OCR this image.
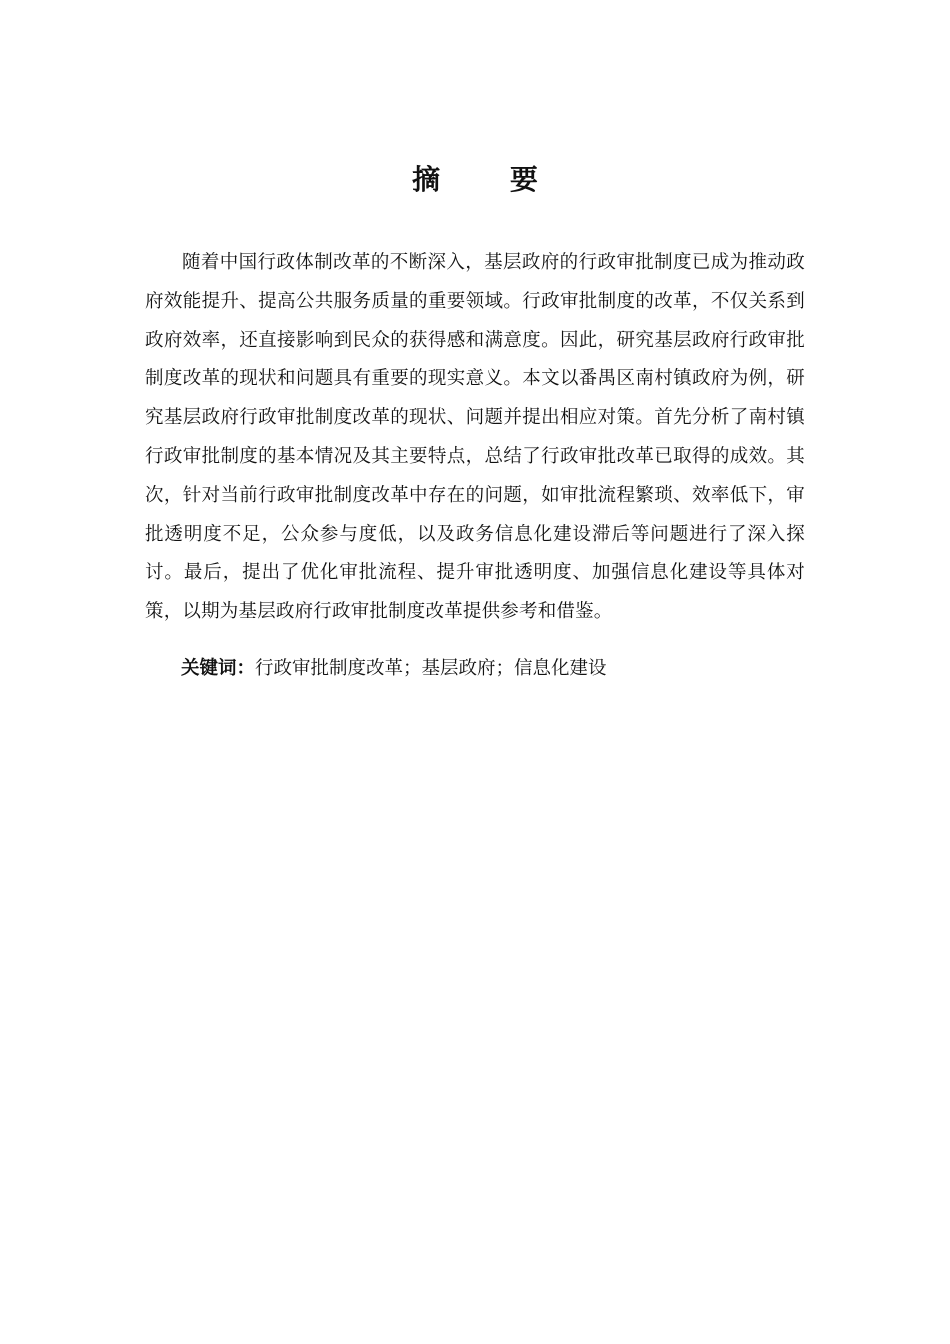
摘 要

随着中国行政体制改革的不断深入，基层政府的行政审批制度已成为推动政府效能提升、提高公共服务质量的重要领域。行政审批制度的改革，不仅关系到政府效率，还直接影响到民众的获得感和满意度。因此，研究基层政府行政审批制度改革的现状和问题具有重要的现实意义。本文以番禺区南村镇政府为例，研究基层政府行政审批制度改革的现状、问题并提出相应对策。首先分析了南村镇行政审批制度的基本情况及其主要特点，总结了行政审批改革已取得的成效。其次，针对当前行政审批制度改革中存在的问题，如审批流程繁琐、效率低下，审批透明度不足，公众参与度低，以及政务信息化建设滞后等问题进行了深入探讨。最后，提出了优化审批流程、提升审批透明度、加强信息化建设等具体对策，以期为基层政府行政审批制度改革提供参考和借鉴。

关键词：行政审批制度改革；基层政府；信息化建设
